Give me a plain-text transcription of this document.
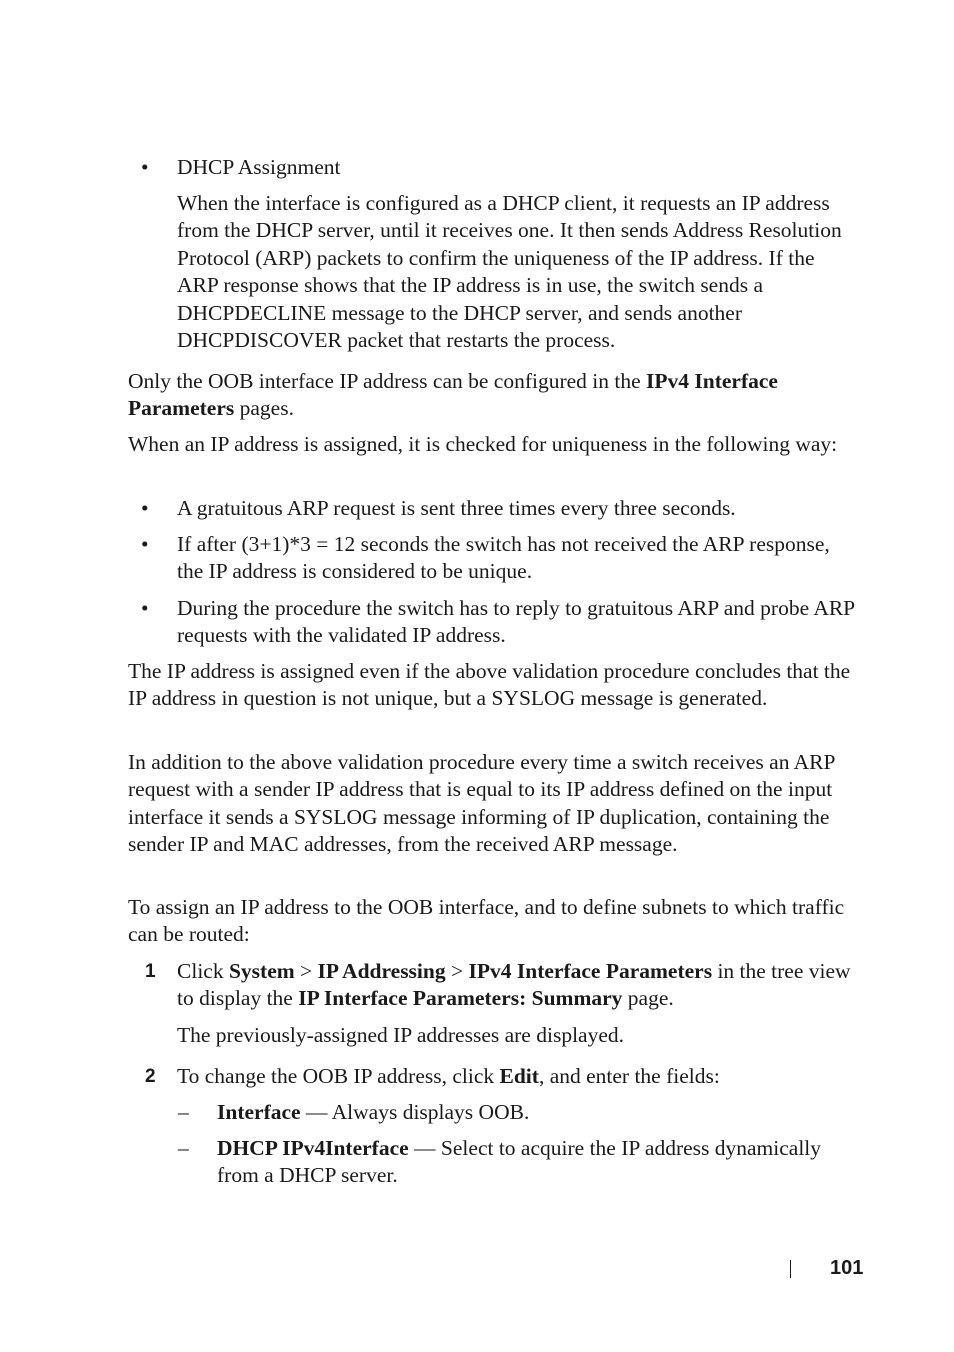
• DHCP Assignment

When the interface is configured as a DHCP client, it requests an IP address from the DHCP server, until it receives one. It then sends Address Resolution Protocol (ARP) packets to confirm the uniqueness of the IP address. If the ARP response shows that the IP address is in use, the switch sends a DHCPDECLINE message to the DHCP server, and sends another DHCPDISCOVER packet that restarts the process.

Only the OOB interface IP address can be configured in the IPv4 Interface Parameters pages.

When an IP address is assigned, it is checked for uniqueness in the following way:

• A gratuitous ARP request is sent three times every three seconds.

• If after (3+1)*3 = 12 seconds the switch has not received the ARP response, the IP address is considered to be unique.

• During the procedure the switch has to reply to gratuitous ARP and probe ARP requests with the validated IP address.

The IP address is assigned even if the above validation procedure concludes that the IP address in question is not unique, but a SYSLOG message is generated.

In addition to the above validation procedure every time a switch receives an ARP request with a sender IP address that is equal to its IP address defined on the input interface it sends a SYSLOG message informing of IP duplication, containing the sender IP and MAC addresses, from the received ARP message.

To assign an IP address to the OOB interface, and to define subnets to which traffic can be routed:

1 Click System > IP Addressing > IPv4 Interface Parameters in the tree view to display the IP Interface Parameters: Summary page.

The previously-assigned IP addresses are displayed.

2 To change the OOB IP address, click Edit, and enter the fields:

– Interface — Always displays OOB.

– DHCP IPv4Interface — Select to acquire the IP address dynamically from a DHCP server.

101
